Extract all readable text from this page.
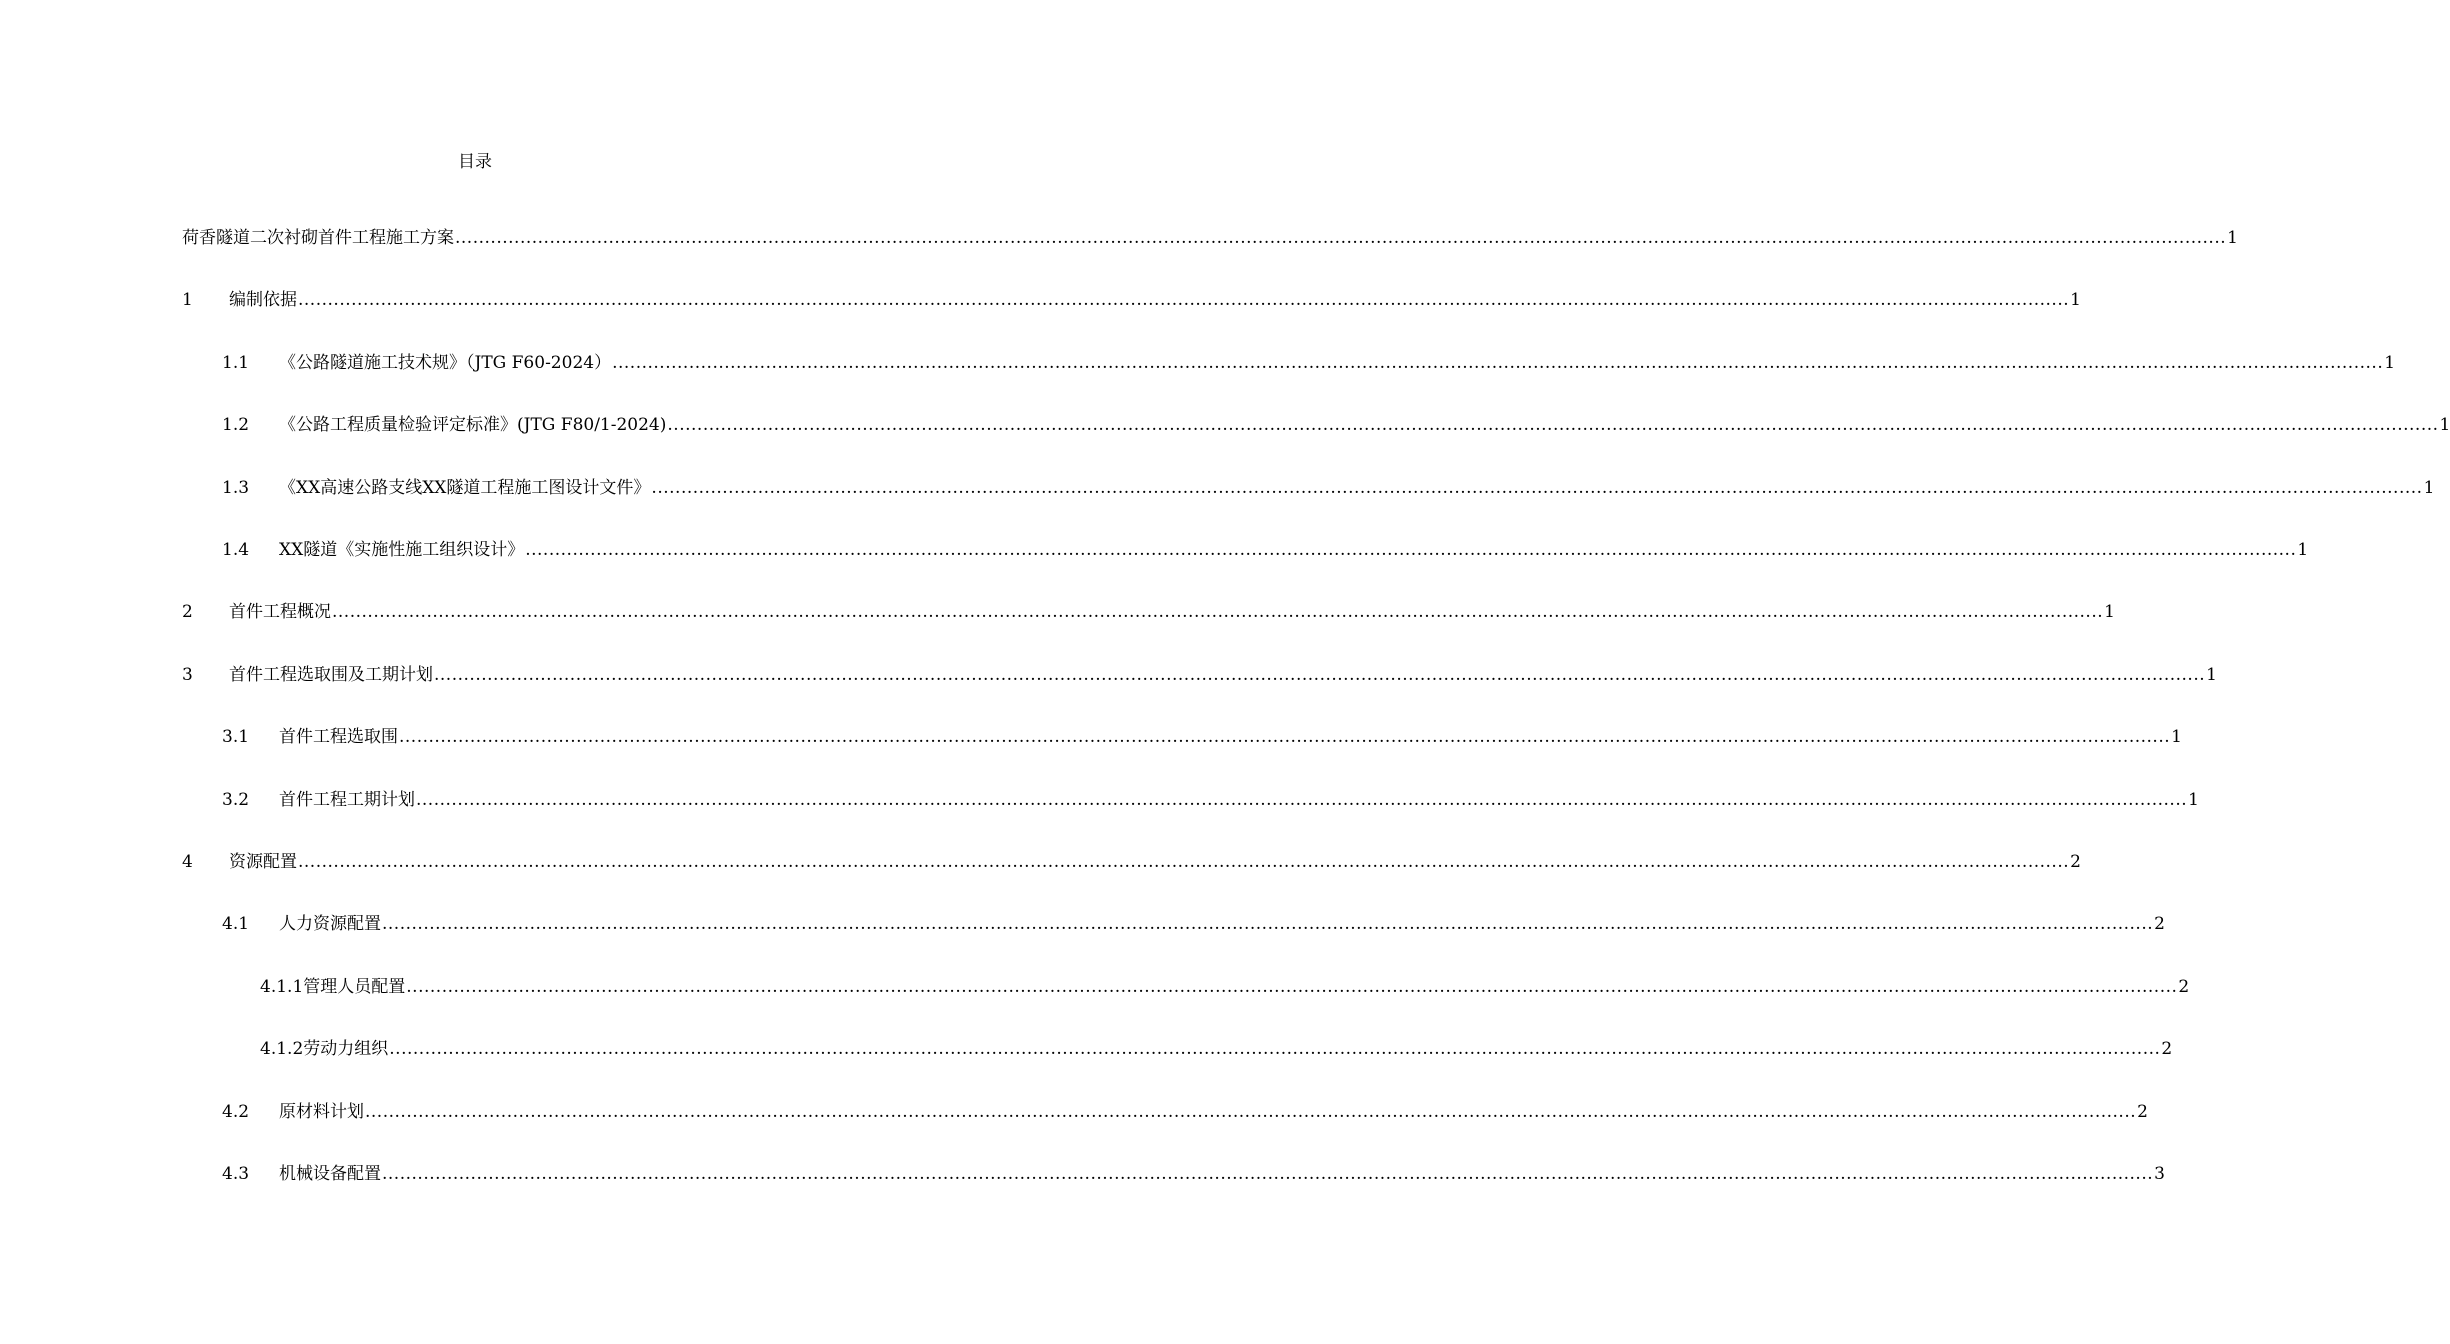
目录
荷香隧道二次衬砌首件工程施工方案 ............................................................................................................................................................................................................................................................................................................ 1
1	编制依据 ............................................................................................................................................................................................................................................................................................................ 1
1.1	《公路隧道施工技术规》（JTG F60-2024） ............................................................................................................................................................................................................................................................................................................ 1
1.2	《公路工程质量检验评定标准》(JTG F80/1-2024) ............................................................................................................................................................................................................................................................................................................ 1
1.3	《XX高速公路支线XX隧道工程施工图设计文件》 ............................................................................................................................................................................................................................................................................................................ 1
1.4	XX隧道《实施性施工组织设计》 ............................................................................................................................................................................................................................................................................................................ 1
2	首件工程概况 ............................................................................................................................................................................................................................................................................................................ 1
3	首件工程选取围及工期计划 ............................................................................................................................................................................................................................................................................................................ 1
3.1	首件工程选取围 ............................................................................................................................................................................................................................................................................................................ 1
3.2	首件工程工期计划 ............................................................................................................................................................................................................................................................................................................ 1
4	资源配置 ............................................................................................................................................................................................................................................................................................................ 2
4.1	人力资源配置 ............................................................................................................................................................................................................................................................................................................ 2
4.1.1 管理人员配置 ............................................................................................................................................................................................................................................................................................................ 2
4.1.2 劳动力组织 ............................................................................................................................................................................................................................................................................................................ 2
4.2	原材料计划 ............................................................................................................................................................................................................................................................................................................ 2
4.3	机械设备配置 ............................................................................................................................................................................................................................................................................................................ 3
